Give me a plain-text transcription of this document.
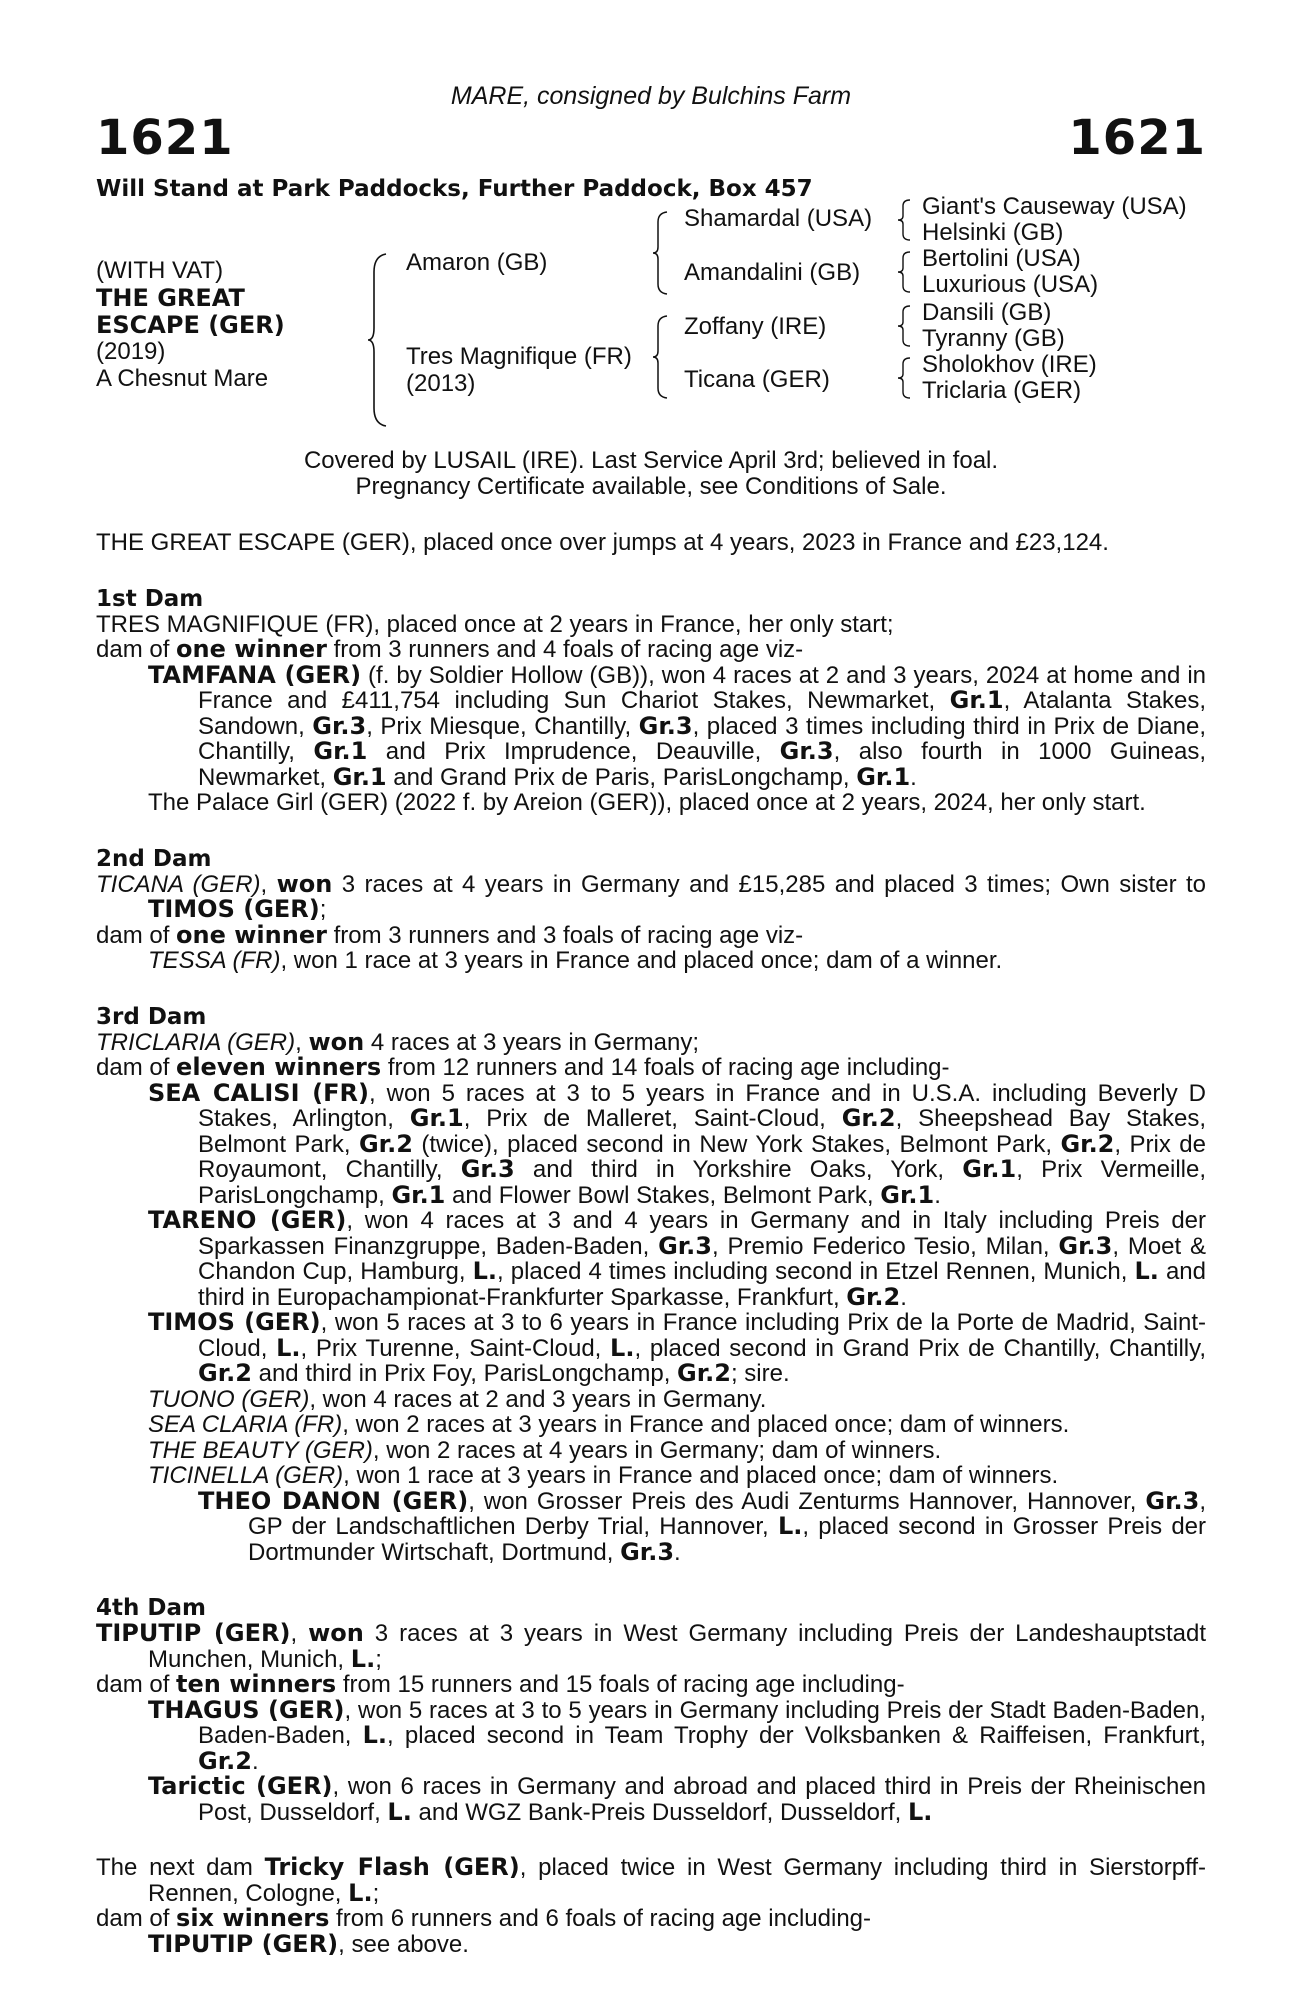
1621
MARE, consigned by Bulchins Farm
1621
Will Stand at Park Paddocks, Further Paddock, Box 457
(WITH VAT)
THE GREAT
ESCAPE (GER)
(2019)
A Chesnut Mare
Amaron (GB)
Tres Magnifique (FR)
(2013)
Shamardal (USA)
Amandalini (GB)
Zoffany (IRE)
Ticana (GER)
Giant's Causeway (USA)
Helsinki (GB)
Bertolini (USA)
Luxurious (USA)
Dansili (GB)
Tyranny (GB)
Sholokhov (IRE)
Triclaria (GER)
Covered by LUSAIL (IRE). Last Service April 3rd; believed in foal.
Pregnancy Certificate available, see Conditions of Sale.

THE GREAT ESCAPE (GER), placed once over jumps at 4 years, 2023 in France and £23,124.

1st Dam

TRES MAGNIFIQUE (FR), placed once at 2 years in France, her only start;

dam of one winner from 3 runners and 4 foals of racing age viz-

TAMFANA (GER) (f. by Soldier Hollow (GB)), won 4 races at 2 and 3 years, 2024 at home and in France and £411,754 including Sun Chariot Stakes, Newmarket, Gr.1, Atalanta Stakes, Sandown, Gr.3, Prix Miesque, Chantilly, Gr.3, placed 3 times including third in Prix de Diane, Chantilly, Gr.1 and Prix Imprudence, Deauville, Gr.3, also fourth in 1000 Guineas, Newmarket, Gr.1 and Grand Prix de Paris, ParisLongchamp, Gr.1.

The Palace Girl (GER) (2022 f. by Areion (GER)), placed once at 2 years, 2024, her only start.

2nd Dam

TICANA (GER), won 3 races at 4 years in Germany and £15,285 and placed 3 times; Own sister to TIMOS (GER);

dam of one winner from 3 runners and 3 foals of racing age viz-

TESSA (FR), won 1 race at 3 years in France and placed once; dam of a winner.

3rd Dam

TRICLARIA (GER), won 4 races at 3 years in Germany;

dam of eleven winners from 12 runners and 14 foals of racing age including-

SEA CALISI (FR), won 5 races at 3 to 5 years in France and in U.S.A. including Beverly D Stakes, Arlington, Gr.1, Prix de Malleret, Saint-Cloud, Gr.2, Sheepshead Bay Stakes, Belmont Park, Gr.2 (twice), placed second in New York Stakes, Belmont Park, Gr.2, Prix de Royaumont, Chantilly, Gr.3 and third in Yorkshire Oaks, York, Gr.1, Prix Vermeille, ParisLongchamp, Gr.1 and Flower Bowl Stakes, Belmont Park, Gr.1.

TARENO (GER), won 4 races at 3 and 4 years in Germany and in Italy including Preis der Sparkassen Finanzgruppe, Baden-Baden, Gr.3, Premio Federico Tesio, Milan, Gr.3, Moet & Chandon Cup, Hamburg, L., placed 4 times including second in Etzel Rennen, Munich, L. and third in Europachampionat-Frankfurter Sparkasse, Frankfurt, Gr.2.

TIMOS (GER), won 5 races at 3 to 6 years in France including Prix de la Porte de Madrid, Saint-Cloud, L., Prix Turenne, Saint-Cloud, L., placed second in Grand Prix de Chantilly, Chantilly, Gr.2 and third in Prix Foy, ParisLongchamp, Gr.2; sire.

TUONO (GER), won 4 races at 2 and 3 years in Germany.

SEA CLARIA (FR), won 2 races at 3 years in France and placed once; dam of winners.

THE BEAUTY (GER), won 2 races at 4 years in Germany; dam of winners.

TICINELLA (GER), won 1 race at 3 years in France and placed once; dam of winners.

THEO DANON (GER), won Grosser Preis des Audi Zenturms Hannover, Hannover, Gr.3, GP der Landschaftlichen Derby Trial, Hannover, L., placed second in Grosser Preis der Dortmunder Wirtschaft, Dortmund, Gr.3.

4th Dam

TIPUTIP (GER), won 3 races at 3 years in West Germany including Preis der Landeshauptstadt Munchen, Munich, L.;

dam of ten winners from 15 runners and 15 foals of racing age including-

THAGUS (GER), won 5 races at 3 to 5 years in Germany including Preis der Stadt Baden-Baden, Baden-Baden, L., placed second in Team Trophy der Volksbanken & Raiffeisen, Frankfurt, Gr.2.

Tarictic (GER), won 6 races in Germany and abroad and placed third in Preis der Rheinischen Post, Dusseldorf, L. and WGZ Bank-Preis Dusseldorf, Dusseldorf, L.

The next dam Tricky Flash (GER), placed twice in West Germany including third in Sierstorpff-Rennen, Cologne, L.;

dam of six winners from 6 runners and 6 foals of racing age including-

TIPUTIP (GER), see above.
